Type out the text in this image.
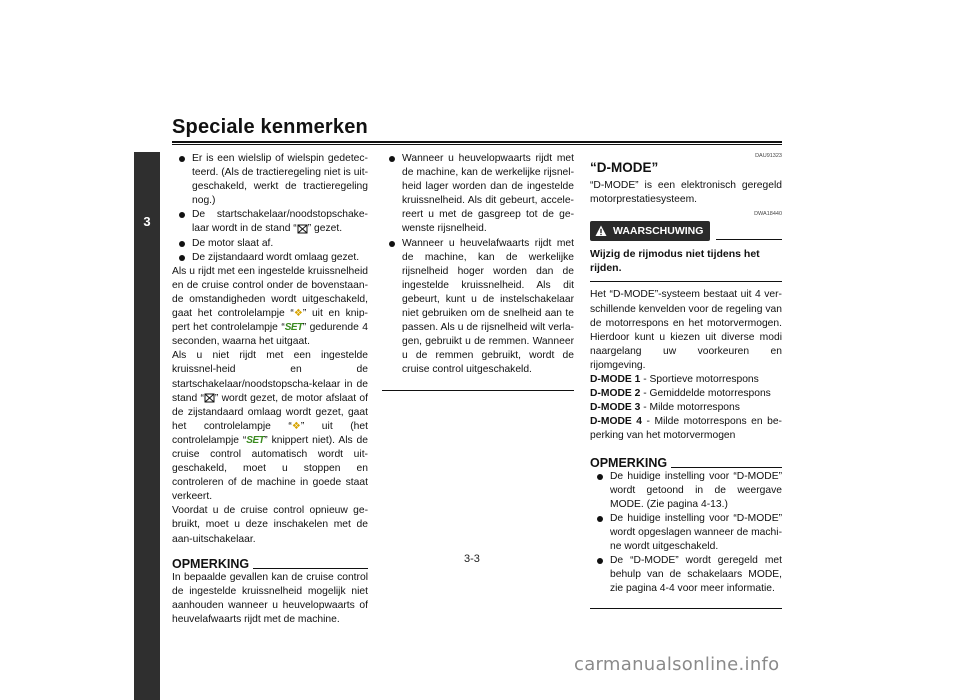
Speciale kenmerken
3
Er is een wielslip of wielspin gedetec-teerd. (Als de tractieregeling niet is uit-geschakeld, werkt de tractieregeling nog.)
De startschakelaar/noodstopschake-laar wordt in de stand “ ” gezet.
De motor slaat af.
De zijstandaard wordt omlaag gezet.

Als u rijdt met een ingestelde kruissnelheid en de cruise control onder de bovenstaan-de omstandigheden wordt uitgeschakeld, gaat het controlelampje “❖” uit en knip-pert het controlelampje “SET” gedurende 4 seconden, waarna het uitgaat.

Als u niet rijdt met een ingestelde kruissnel-heid en de startschakelaar/noodstopscha-kelaar in de stand “ ” wordt gezet, de motor afslaat of de zijstandaard omlaag wordt gezet, gaat het controlelampje “❖” uit (het controlelampje “SET” knippert niet). Als de cruise control automatisch wordt uit-geschakeld, moet u stoppen en controleren of de machine in goede staat verkeert.

Voordat u de cruise control opnieuw ge-bruikt, moet u deze inschakelen met de aan-uitschakelaar.

OPMERKING

In bepaalde gevallen kan de cruise control de ingestelde kruissnelheid mogelijk niet aanhouden wanneer u heuvelopwaarts of heuvelafwaarts rijdt met de machine.

Wanneer u heuvelopwaarts rijdt met de machine, kan de werkelijke rijsnel-heid lager worden dan de ingestelde kruissnelheid. Als dit gebeurt, accele-reert u met de gasgreep tot de ge-wenste rijsnelheid.
Wanneer u heuvelafwaarts rijdt met de machine, kan de werkelijke rijsnelheid hoger worden dan de ingestelde kruissnelheid. Als dit gebeurt, kunt u de instelschakelaar niet gebruiken om de snelheid aan te passen. Als u de rijsnelheid wilt verla-gen, gebruikt u de remmen. Wanneer u de remmen gebruikt, wordt de cruise control uitgeschakeld.
DAU91323
“D-MODE”

“D-MODE” is een elektronisch geregeld motorprestatiesysteem.

DWA18440
WAARSCHUWING
Wijzig de rijmodus niet tijdens het rijden.

Het “D-MODE”-systeem bestaat uit 4 ver-schillende kenvelden voor de regeling van de motorrespons en het motorvermogen. Hierdoor kunt u kiezen uit diverse modi naargelang uw voorkeuren en rijomgeving.

D-MODE 1 - Sportieve motorrespons
D-MODE 2 - Gemiddelde motorrespons
D-MODE 3 - Milde motorrespons
D-MODE 4 - Milde motorrespons en be-perking van het motorvermogen
OPMERKING
De huidige instelling voor “D-MODE” wordt getoond in de weergave MODE. (Zie pagina 4-13.)
De huidige instelling voor “D-MODE” wordt opgeslagen wanneer de machi-ne wordt uitgeschakeld.
De “D-MODE” wordt geregeld met behulp van de schakelaars MODE, zie pagina 4-4 voor meer informatie.
3-3
carmanualsonline.info
